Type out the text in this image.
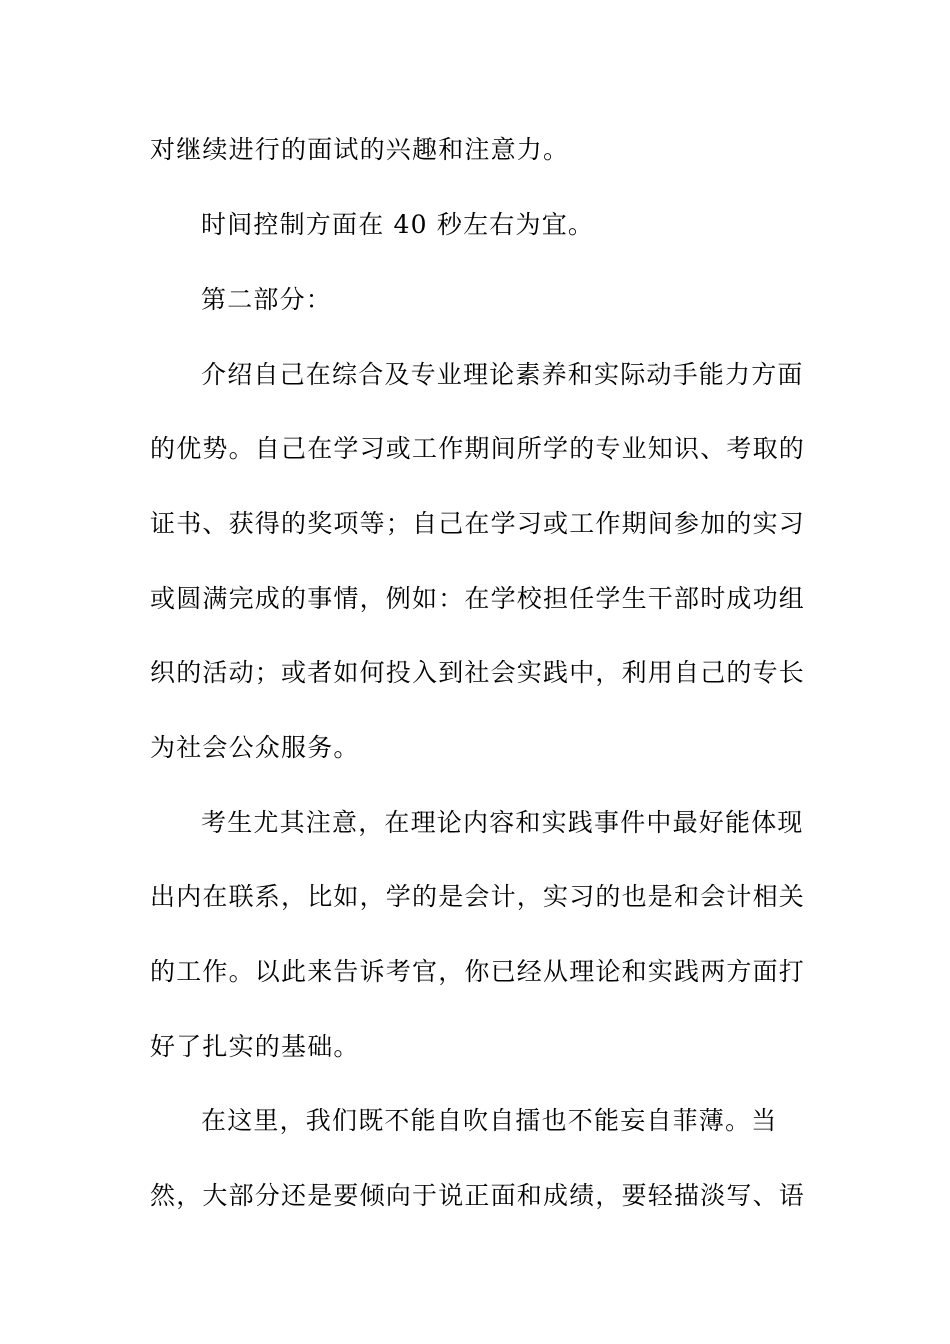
对继续进行的面试的兴趣和注意力。
时间控制方面在 40 秒左右为宜。
第二部分：
介绍自己在综合及专业理论素养和实际动手能力方面
的优势。自己在学习或工作期间所学的专业知识、考取的
证书、获得的奖项等；自己在学习或工作期间参加的实习
或圆满完成的事情，例如：在学校担任学生干部时成功组
织的活动；或者如何投入到社会实践中，利用自己的专长
为社会公众服务。
考生尤其注意，在理论内容和实践事件中最好能体现
出内在联系，比如，学的是会计，实习的也是和会计相关
的工作。以此来告诉考官，你已经从理论和实践两方面打
好了扎实的基础。
在这里，我们既不能自吹自擂也不能妄自菲薄。当
然，大部分还是要倾向于说正面和成绩，要轻描淡写、语
